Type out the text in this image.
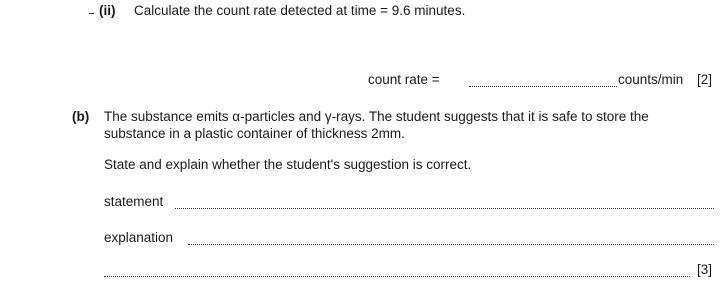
(ii) Calculate the count rate detected at time = 9.6 minutes.
count rate =	counts/min [2]
(b) The substance emits α-particles and γ-rays. The student suggests that it is safe to store the
substance in a plastic container of thickness 2mm.
State and explain whether the student's suggestion is correct.
statement
explanation
[3]
